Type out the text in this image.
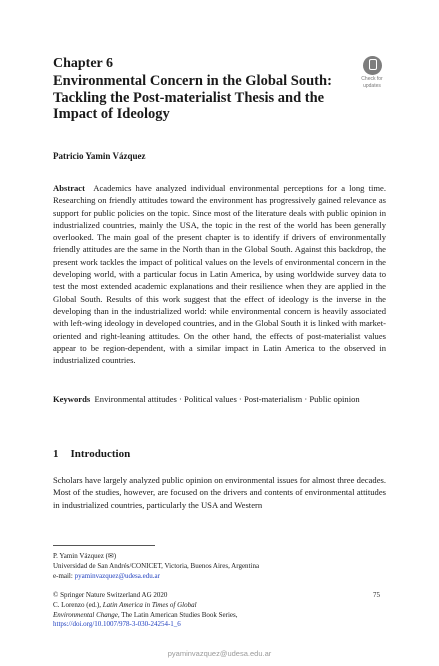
Chapter 6
Environmental Concern in the Global South: Tackling the Post-materialist Thesis and the Impact of Ideology
Check for
updates
Patricio Yamin Vázquez

Abstract Academics have analyzed individual environmental perceptions for a long time. Researching on friendly attitudes toward the environment has progressively gained relevance as support for public policies on the topic. Since most of the literature deals with public opinion in industrialized countries, mainly the USA, the topic in the rest of the world has been generally overlooked. The main goal of the present chapter is to identify if drivers of environmentally friendly attitudes are the same in the North than in the Global South. Against this backdrop, the present work tackles the impact of political values on the levels of environmental concern in the developing world, with a particular focus in Latin America, by using worldwide survey data to test the most extended academic explanations and their resilience when they are applied in the Global South. Results of this work suggest that the effect of ideology is the inverse in the developing than in the industrialized world: while environmental concern is heavily associated with left-wing ideology in developed countries, and in the Global South it is linked with market-oriented and right-leaning attitudes. On the other hand, the effects of post-materialist values appear to be region-dependent, with a similar impact in Latin America to the observed in industrialized countries.

Keywords Environmental attitudes · Political values · Post-materialism · Public opinion

1 Introduction

Scholars have largely analyzed public opinion on environmental issues for almost three decades. Most of the studies, however, are focused on the drivers and contents of environmental attitudes in industrialized countries, particularly the USA and Western

P. Yamin Vázquez (✉)
Universidad de San Andrés/CONICET, Victoria, Buenos Aires, Argentina
e-mail: pyaminvazquez@udesa.edu.ar
© Springer Nature Switzerland AG 2020
C. Lorenzo (ed.), Latin America in Times of Global
Environmental Change, The Latin American Studies Book Series,
https://doi.org/10.1007/978-3-030-24254-1_6
75
pyaminvazquez@udesa.edu.ar
